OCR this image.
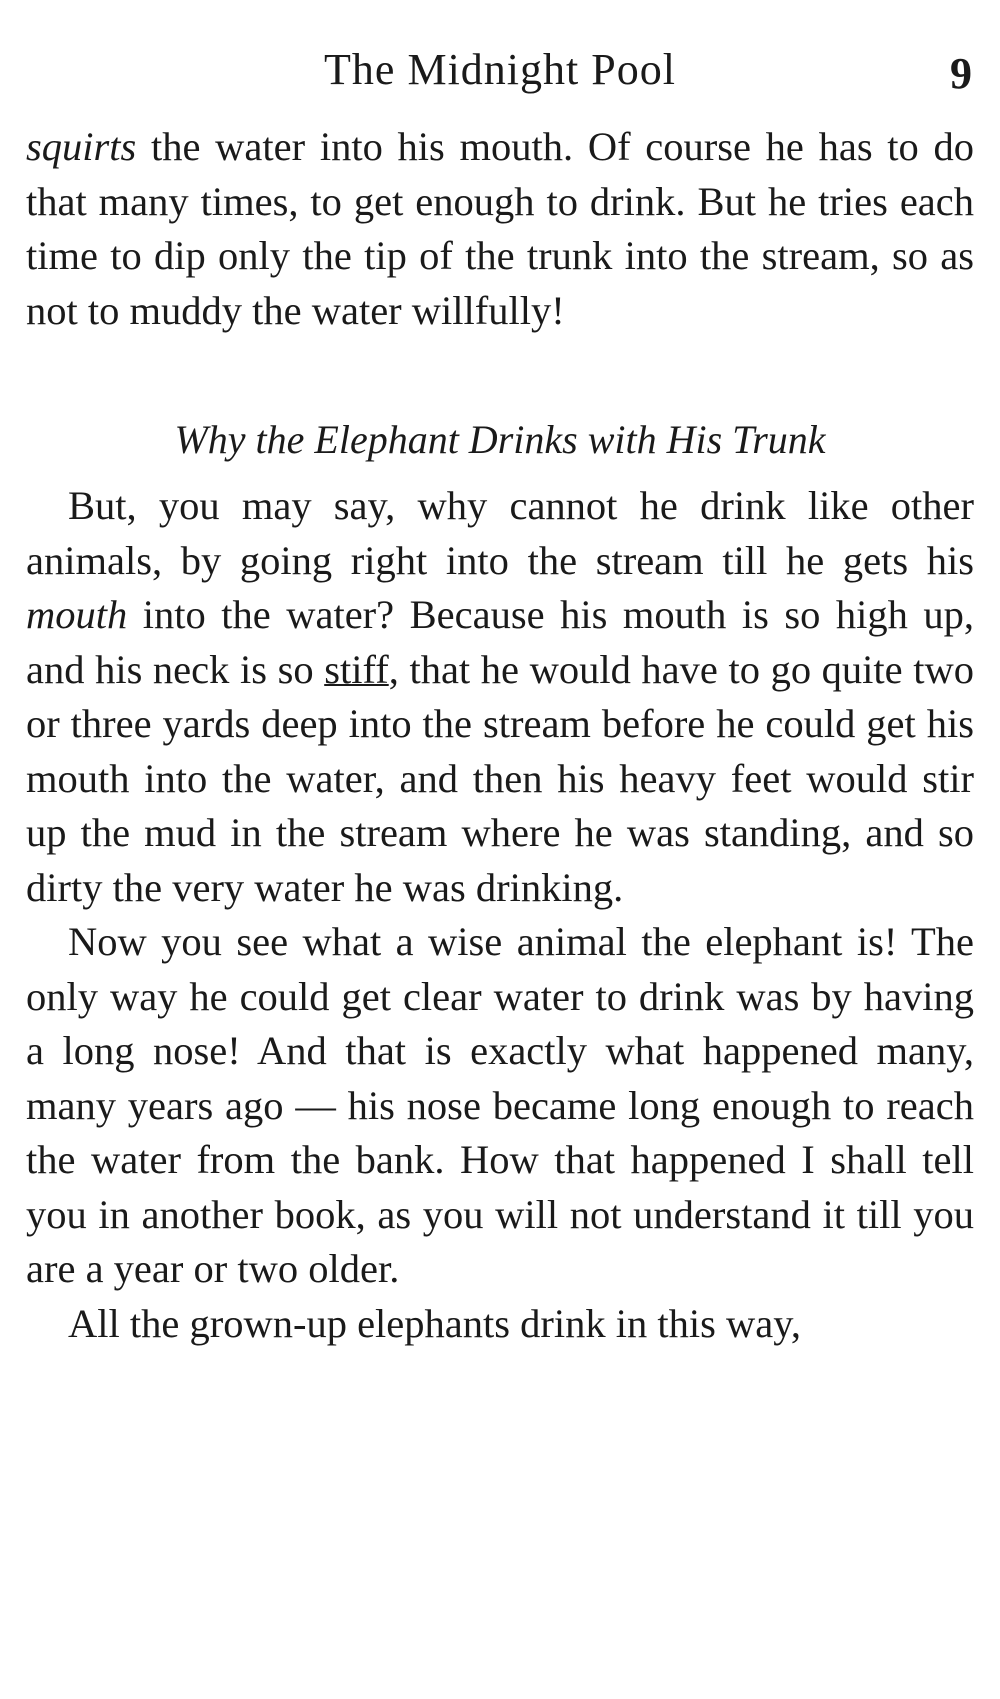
The Midnight Pool	9

squirts the water into his mouth. Of course he has to do that many times, to get enough to drink. But he tries each time to dip only the tip of the trunk into the stream, so as not to muddy the water willfully!

Why the Elephant Drinks with His Trunk

But, you may say, why cannot he drink like other animals, by going right into the stream till he gets his mouth into the water? Because his mouth is so high up, and his neck is so stiff, that he would have to go quite two or three yards deep into the stream before he could get his mouth into the water, and then his heavy feet would stir up the mud in the stream where he was standing, and so dirty the very water he was drinking.

Now you see what a wise animal the elephant is! The only way he could get clear water to drink was by having a long nose! And that is exactly what happened many, many years ago — his nose became long enough to reach the water from the bank. How that happened I shall tell you in another book, as you will not understand it till you are a year or two older.

All the grown-up elephants drink in this way,
